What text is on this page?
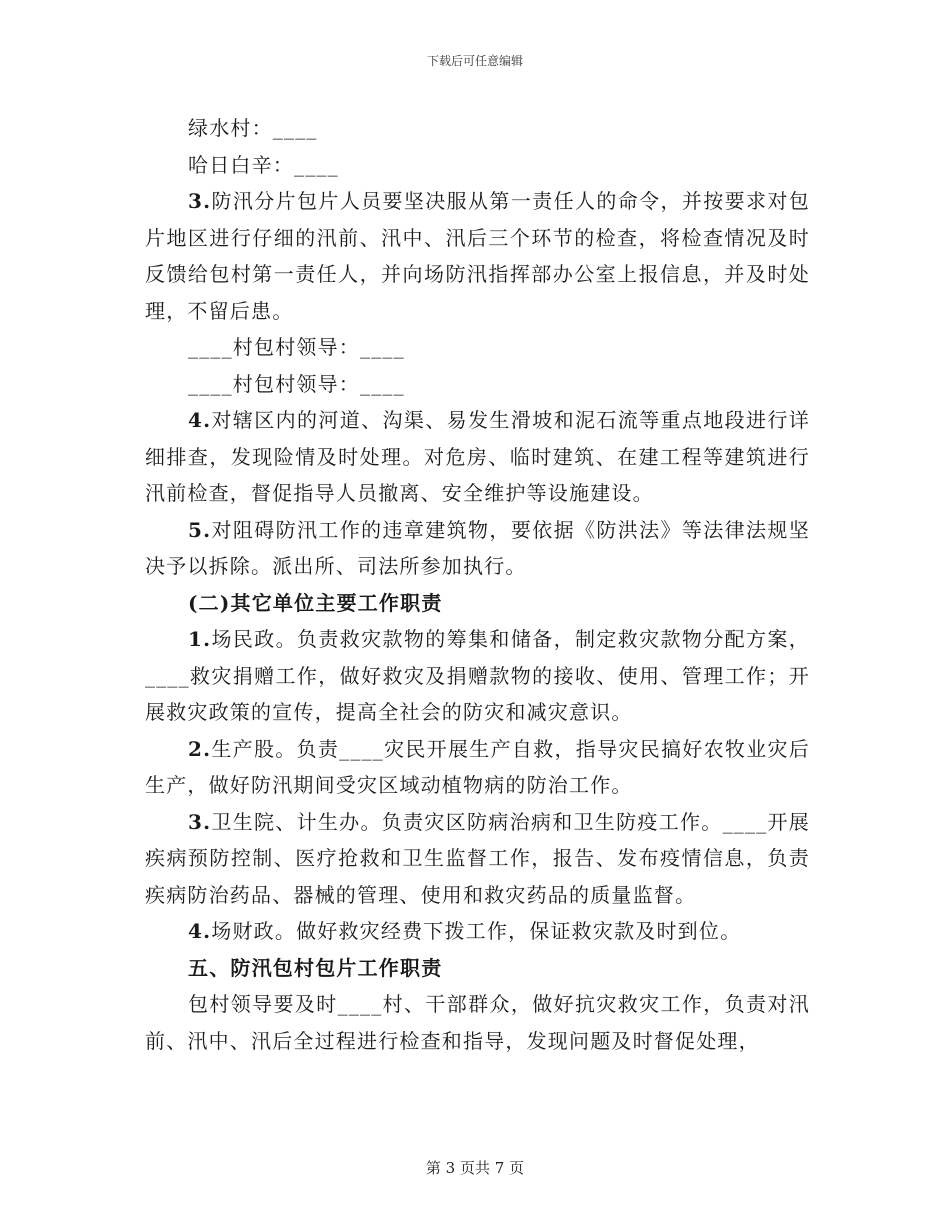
下载后可任意编辑

绿水村：____

哈日白辛：____

3.防汛分片包片人员要坚决服从第一责任人的命令，并按要求对包片地区进行仔细的汛前、汛中、汛后三个环节的检查，将检查情况及时反馈给包村第一责任人，并向场防汛指挥部办公室上报信息，并及时处理，不留后患。

____村包村领导：____

____村包村领导：____

4.对辖区内的河道、沟渠、易发生滑坡和泥石流等重点地段进行详细排查，发现险情及时处理。对危房、临时建筑、在建工程等建筑进行汛前检查，督促指导人员撤离、安全维护等设施建设。

5.对阻碍防汛工作的违章建筑物，要依据《防洪法》等法律法规坚决予以拆除。派出所、司法所参加执行。

(二)其它单位主要工作职责

1.场民政。负责救灾款物的筹集和储备，制定救灾款物分配方案，____救灾捐赠工作，做好救灾及捐赠款物的接收、使用、管理工作；开展救灾政策的宣传，提高全社会的防灾和减灾意识。

2.生产股。负责____灾民开展生产自救，指导灾民搞好农牧业灾后生产，做好防汛期间受灾区域动植物病的防治工作。

3.卫生院、计生办。负责灾区防病治病和卫生防疫工作。____开展疾病预防控制、医疗抢救和卫生监督工作，报告、发布疫情信息，负责疾病防治药品、器械的管理、使用和救灾药品的质量监督。

4.场财政。做好救灾经费下拨工作，保证救灾款及时到位。

五、防汛包村包片工作职责

包村领导要及时____村、干部群众，做好抗灾救灾工作，负责对汛前、汛中、汛后全过程进行检查和指导，发现问题及时督促处理，

第 3 页共 7 页
